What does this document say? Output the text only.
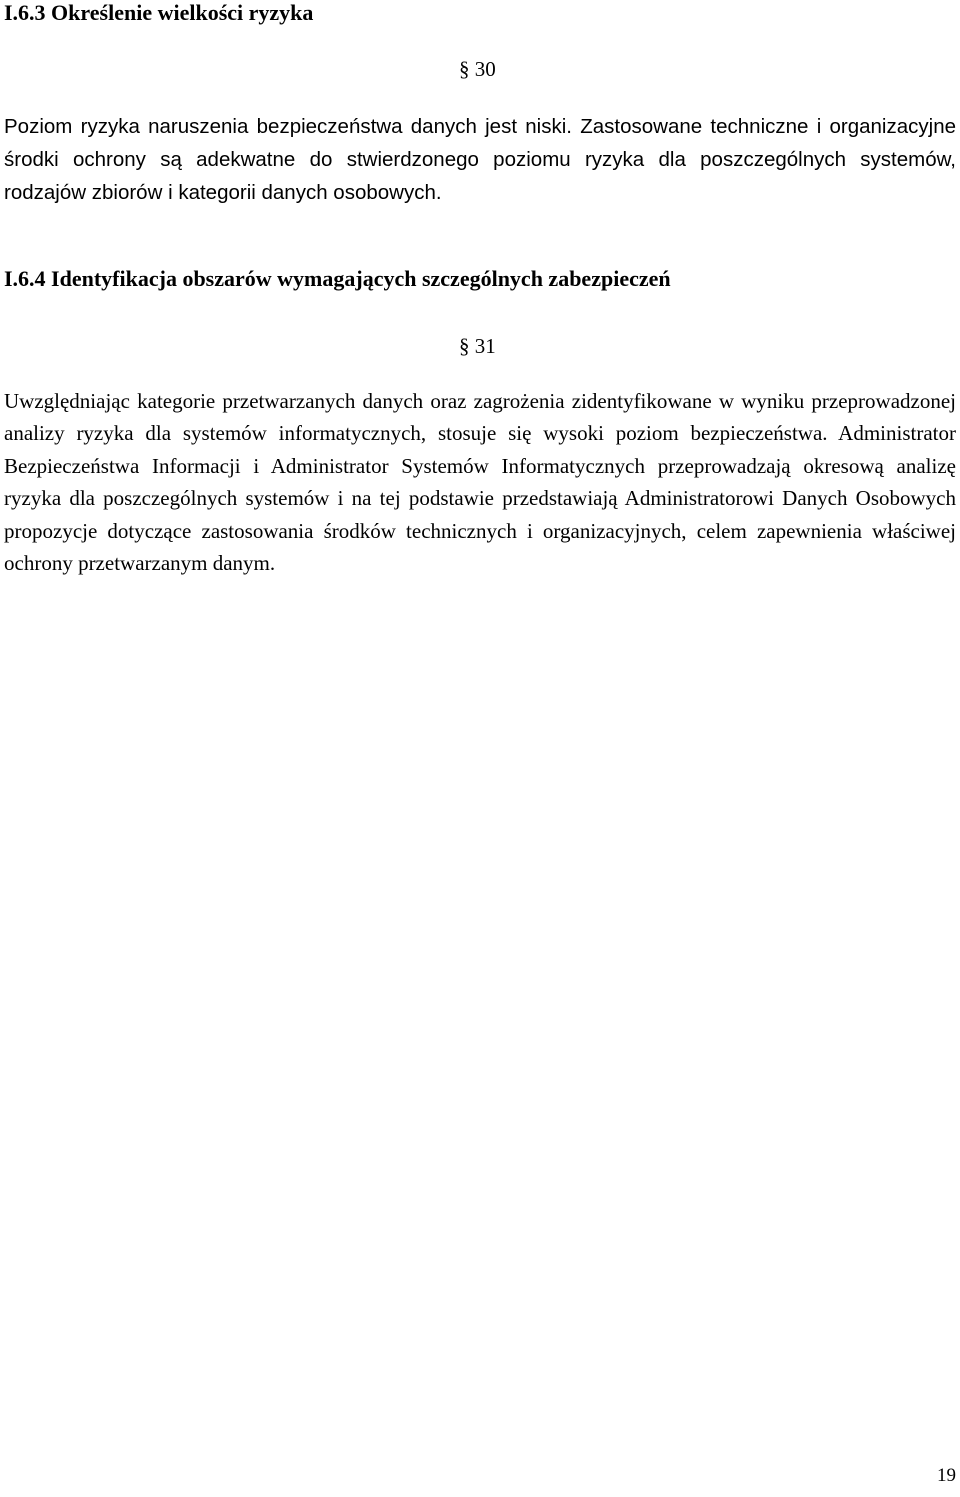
I.6.3 Określenie wielkości ryzyka
§ 30

Poziom ryzyka naruszenia bezpieczeństwa danych jest niski. Zastosowane techniczne i organizacyjne środki ochrony są adekwatne do stwierdzonego poziomu ryzyka dla poszczególnych systemów, rodzajów zbiorów i kategorii danych osobowych.

I.6.4 Identyfikacja obszarów wymagających szczególnych zabezpieczeń
§ 31

Uwzględniając kategorie przetwarzanych danych oraz zagrożenia zidentyfikowane w wyniku przeprowadzonej analizy ryzyka dla systemów informatycznych, stosuje się wysoki poziom bezpieczeństwa. Administrator Bezpieczeństwa Informacji i Administrator Systemów Informatycznych przeprowadzają okresową analizę ryzyka dla poszczególnych systemów i na tej podstawie przedstawiają Administratorowi Danych Osobowych propozycje dotyczące zastosowania środków technicznych i organizacyjnych, celem zapewnienia właściwej ochrony przetwarzanym danym.

19
